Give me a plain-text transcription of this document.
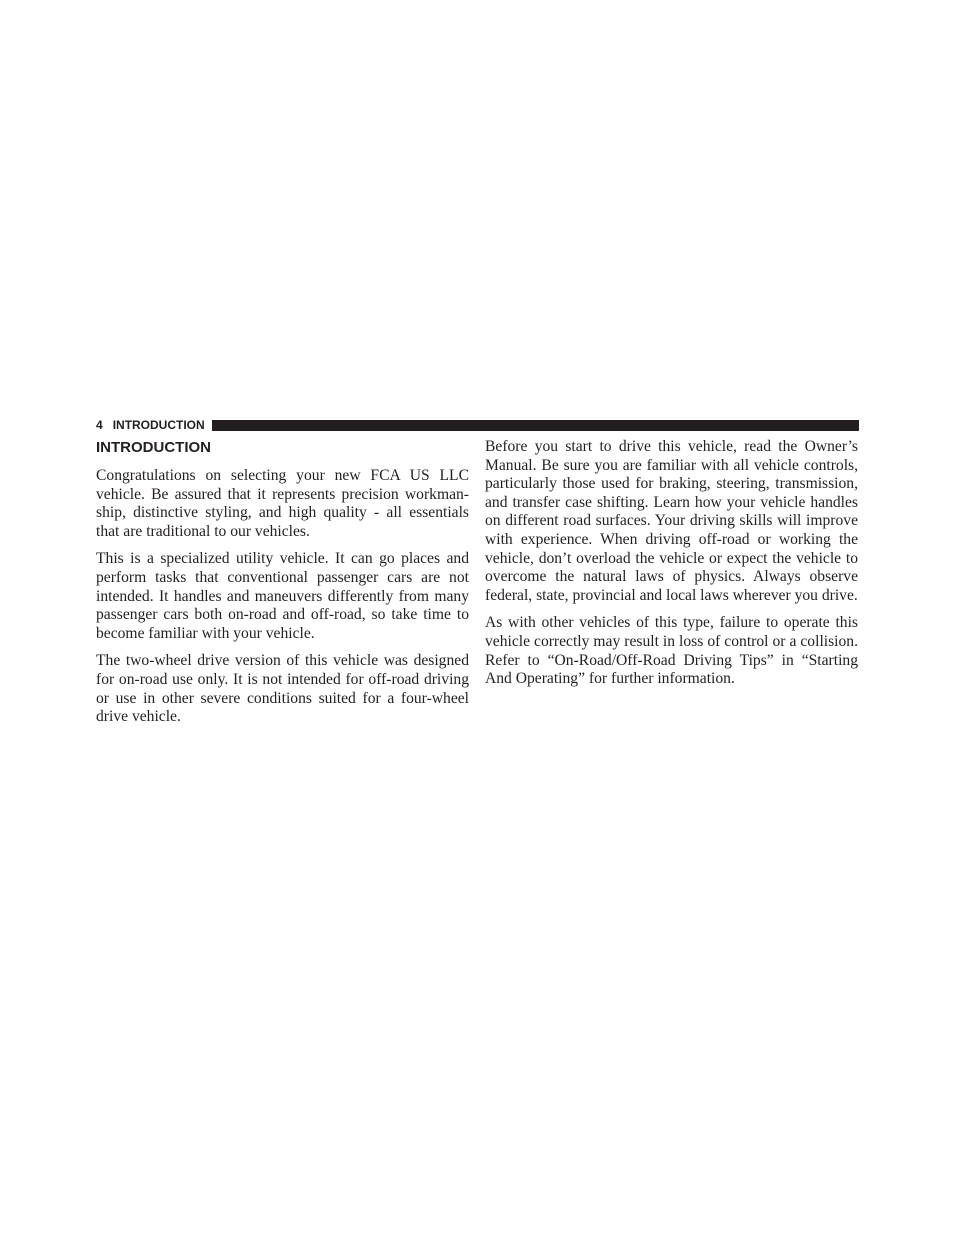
4 INTRODUCTION
INTRODUCTION

Congratulations on selecting your new FCA US LLC vehicle. Be assured that it represents precision workmanship, distinctive styling, and high quality - all essentials that are traditional to our vehicles.

This is a specialized utility vehicle. It can go places and perform tasks that conventional passenger cars are not intended. It handles and maneuvers differently from many passenger cars both on-road and off-road, so take time to become familiar with your vehicle.

The two-wheel drive version of this vehicle was designed for on-road use only. It is not intended for off-road driving or use in other severe conditions suited for a four-wheel drive vehicle.

Before you start to drive this vehicle, read the Owner’s Manual. Be sure you are familiar with all vehicle controls, particularly those used for braking, steering, transmission, and transfer case shifting. Learn how your vehicle handles on different road surfaces. Your driving skills will improve with experience. When driving off-road or working the vehicle, don’t overload the vehicle or expect the vehicle to overcome the natural laws of physics. Always observe federal, state, provincial and local laws wherever you drive.

As with other vehicles of this type, failure to operate this vehicle correctly may result in loss of control or a collision. Refer to “On-Road/Off-Road Driving Tips” in “Starting And Operating” for further information.
